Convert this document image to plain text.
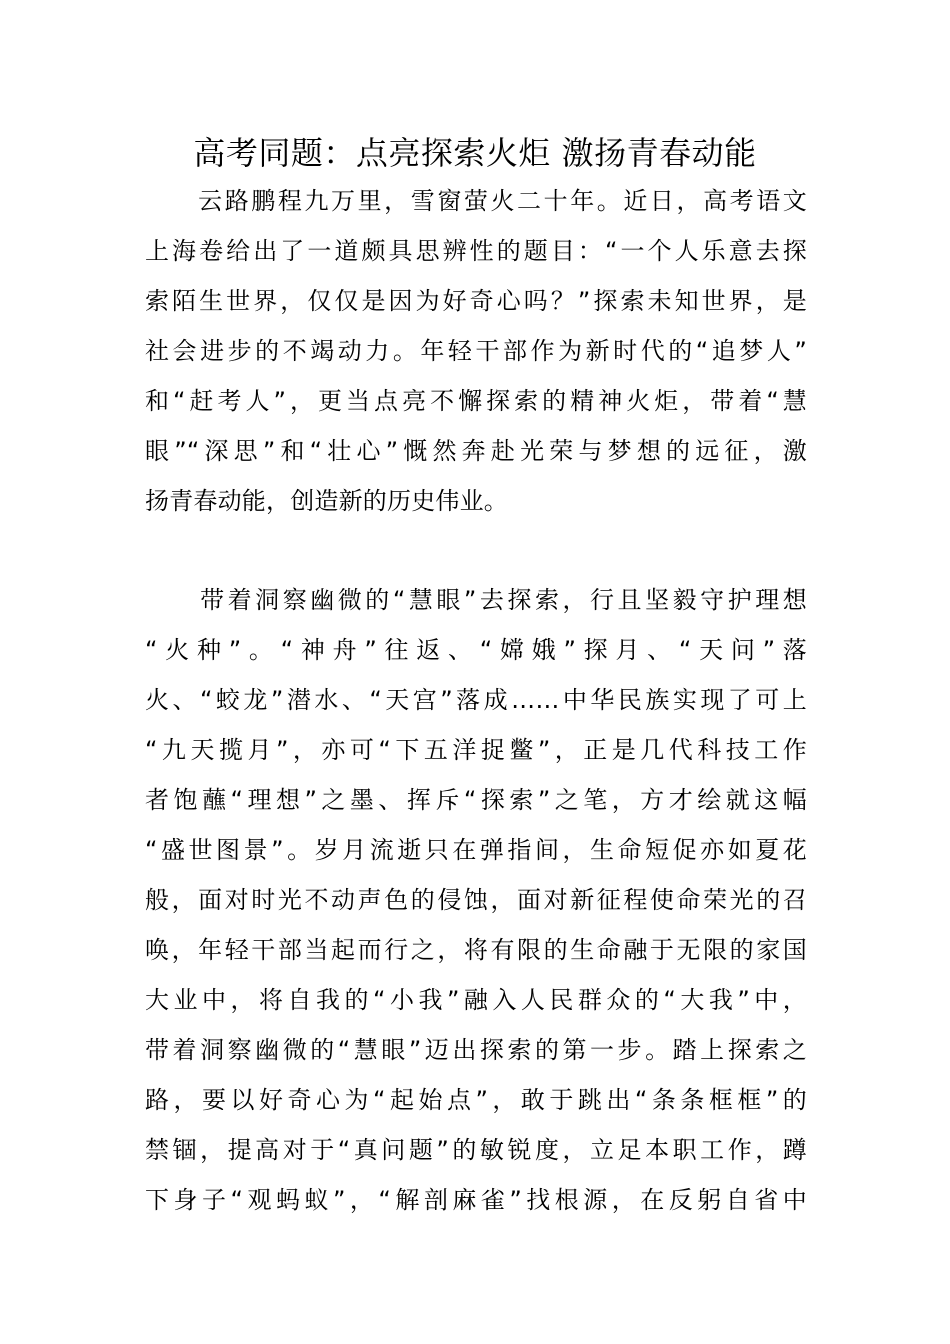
高考同题：点亮探索火炬 激扬青春动能
　　云路鹏程九万里，雪窗萤火二十年。近日，高考语文
上海卷给出了一道颇具思辨性的题目：“一个人乐意去探
索陌生世界，仅仅是因为好奇心吗？”探索未知世界，是
社会进步的不竭动力。年轻干部作为新时代的“追梦人”
和“赶考人”，更当点亮不懈探索的精神火炬，带着“慧
眼”“深思”和“壮心”慨然奔赴光荣与梦想的远征，激
扬青春动能，创造新的历史伟业。
　　带着洞察幽微的“慧眼”去探索，行且坚毅守护理想
“火种”。“神舟”往返、“嫦娥”探月、“天问”落
火、“蛟龙”潜水、“天宫”落成……中华民族实现了可上
“九天揽月”，亦可“下五洋捉鳖”，正是几代科技工作
者饱蘸“理想”之墨、挥斥“探索”之笔，方才绘就这幅
“盛世图景”。岁月流逝只在弹指间，生命短促亦如夏花
般，面对时光不动声色的侵蚀，面对新征程使命荣光的召
唤，年轻干部当起而行之，将有限的生命融于无限的家国
大业中，将自我的“小我”融入人民群众的“大我”中，
带着洞察幽微的“慧眼”迈出探索的第一步。踏上探索之
路，要以好奇心为“起始点”，敢于跳出“条条框框”的
禁锢，提高对于“真问题”的敏锐度，立足本职工作，蹲
下身子“观蚂蚁”，“解剖麻雀”找根源，在反躬自省中
